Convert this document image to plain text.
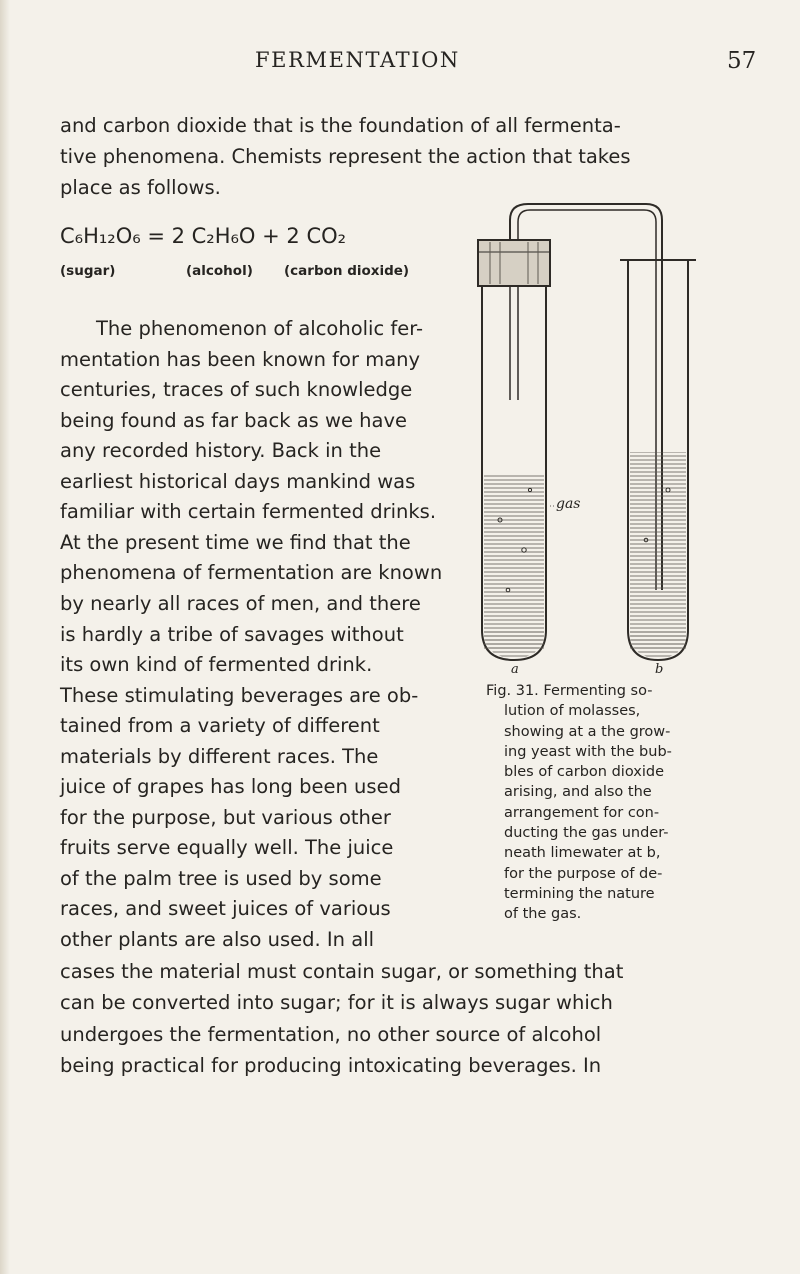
FERMENTATION	57
and carbon dioxide that is the foundation of all fermenta-
tive phenomena. Chemists represent the action that takes
place as follows.
C₆H₁₂O₆ = 2 C₂H₆O + 2 CO₂
(sugar)	(alcohol) (carbon dioxide)
The phenomenon of alcoholic fer-
mentation has been known for many
centuries, traces of such knowledge
being found as far back as we have
any recorded history. Back in the
earliest historical days mankind was
familiar with certain fermented drinks.
At the present time we find that the
phenomena of fermentation are known
by nearly all races of men, and there
is hardly a tribe of savages without
its own kind of fermented drink.
These stimulating beverages are ob-
tained from a variety of different
materials by different races. The
juice of grapes has long been used
for the purpose, but various other
fruits serve equally well. The juice
of the palm tree is used by some
races, and sweet juices of various
other plants are also used. In all
cases the material must contain sugar, or something that
can be converted into sugar; for it is always sugar which
undergoes the fermentation, no other source of alcohol
being practical for producing intoxicating beverages. In
gas
a	b
Fig. 31. Fermenting so-
lution of molasses,
showing at a the grow-
ing yeast with the bub-
bles of carbon dioxide
arising, and also the
arrangement for con-
ducting the gas under-
neath limewater at b,
for the purpose of de-
termining the nature
of the gas.
